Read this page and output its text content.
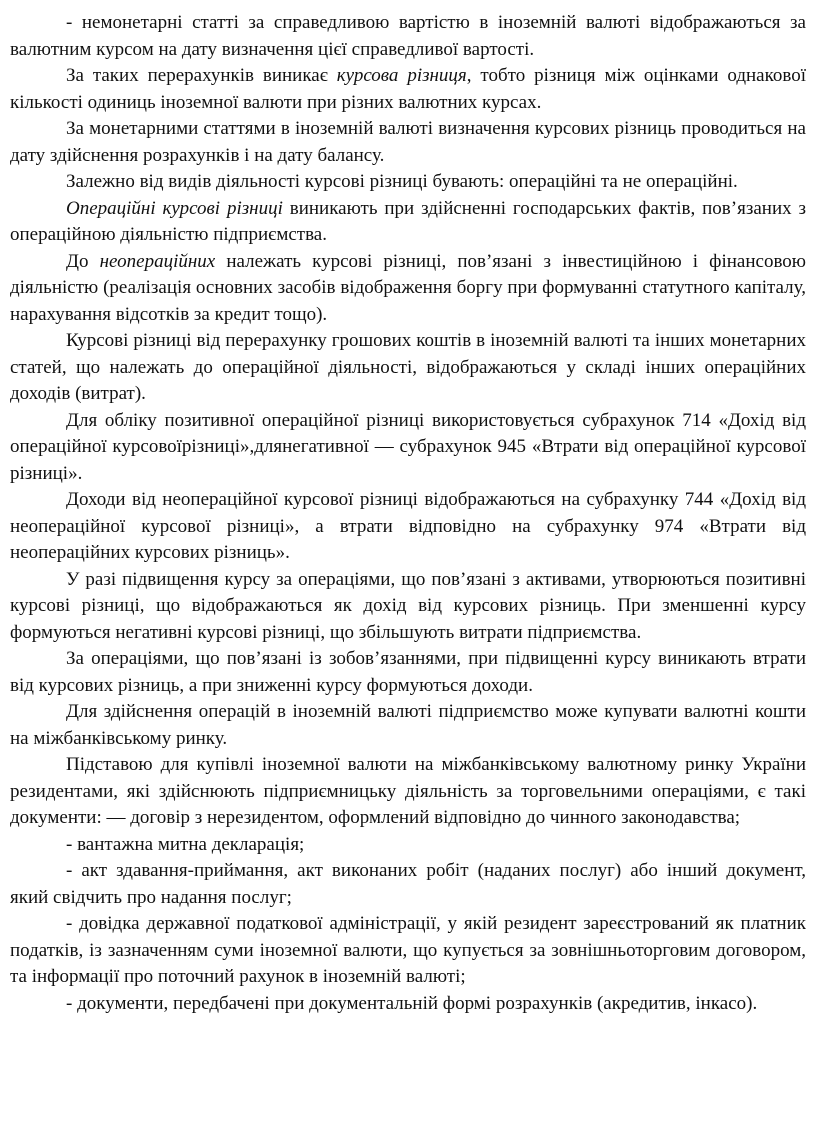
- немонетарні статті за справедливою вартістю в іноземній валюті відображаються за валютним курсом на дату визначення цієї справедливої вартості.

За таких перерахунків виникає курсова різниця, тобто різниця між оцінками однакової кількості одиниць іноземної валюти при різних валютних курсах.

За монетарними статтями в іноземній валюті визначення курсових різниць проводиться на дату здійснення розрахунків і на дату балансу.

Залежно від видів діяльності курсові різниці бувають: операційні та не операційні.

Операційні курсові різниці виникають при здійсненні господарських фактів, пов’язаних з операційною діяльністю підприємства.

До неопераційних належать курсові різниці, пов’язані з інвестиційною і фінансовою діяльністю (реалізація основних засобів відображення боргу при формуванні статутного капіталу, нарахування відсотків за кредит тощо).

Курсові різниці від перерахунку грошових коштів в іноземній валюті та інших монетарних статей, що належать до операційної діяльності, відображаються у складі інших операційних доходів (витрат).

Для обліку позитивної операційної різниці використовується субрахунок 714 «Дохід від операційної курсовоїрізниці»,длянегативної — субрахунок 945 «Втрати від операційної курсової різниці».

Доходи від неопераційної курсової різниці відображаються на субрахунку 744 «Дохід від неопераційної курсової різниці», а втрати відповідно на субрахунку 974 «Втрати від неопераційних курсових різниць».

У разі підвищення курсу за операціями, що пов’язані з активами, утворюються позитивні курсові різниці, що відображаються як дохід від курсових різниць. При зменшенні курсу формуються негативні курсові різниці, що збільшують витрати підприємства.

За операціями, що пов’язані із зобов’язаннями, при підвищенні курсу виникають втрати від курсових різниць, а при зниженні курсу формуються доходи.

Для здійснення операцій в іноземній валюті підприємство може купувати валютні кошти на міжбанківському ринку.

Підставою для купівлі іноземної валюти на міжбанківському валютному ринку України резидентами, які здійснюють підприємницьку діяльність за торговельними операціями, є такі документи: — договір з нерезидентом, оформлений відповідно до чинного законодавства;

- вантажна митна декларація;

- акт здавання-приймання, акт виконаних робіт (наданих послуг) або інший документ, який свідчить про надання послуг;

- довідка державної податкової адміністрації, у якій резидент зареєстрований як платник податків, із зазначенням суми іноземної валюти, що купується за зовнішньоторговим договором, та інформації про поточний рахунок в іноземній валюті;

- документи, передбачені при документальній формі розрахунків (акредитив, інкасо).
